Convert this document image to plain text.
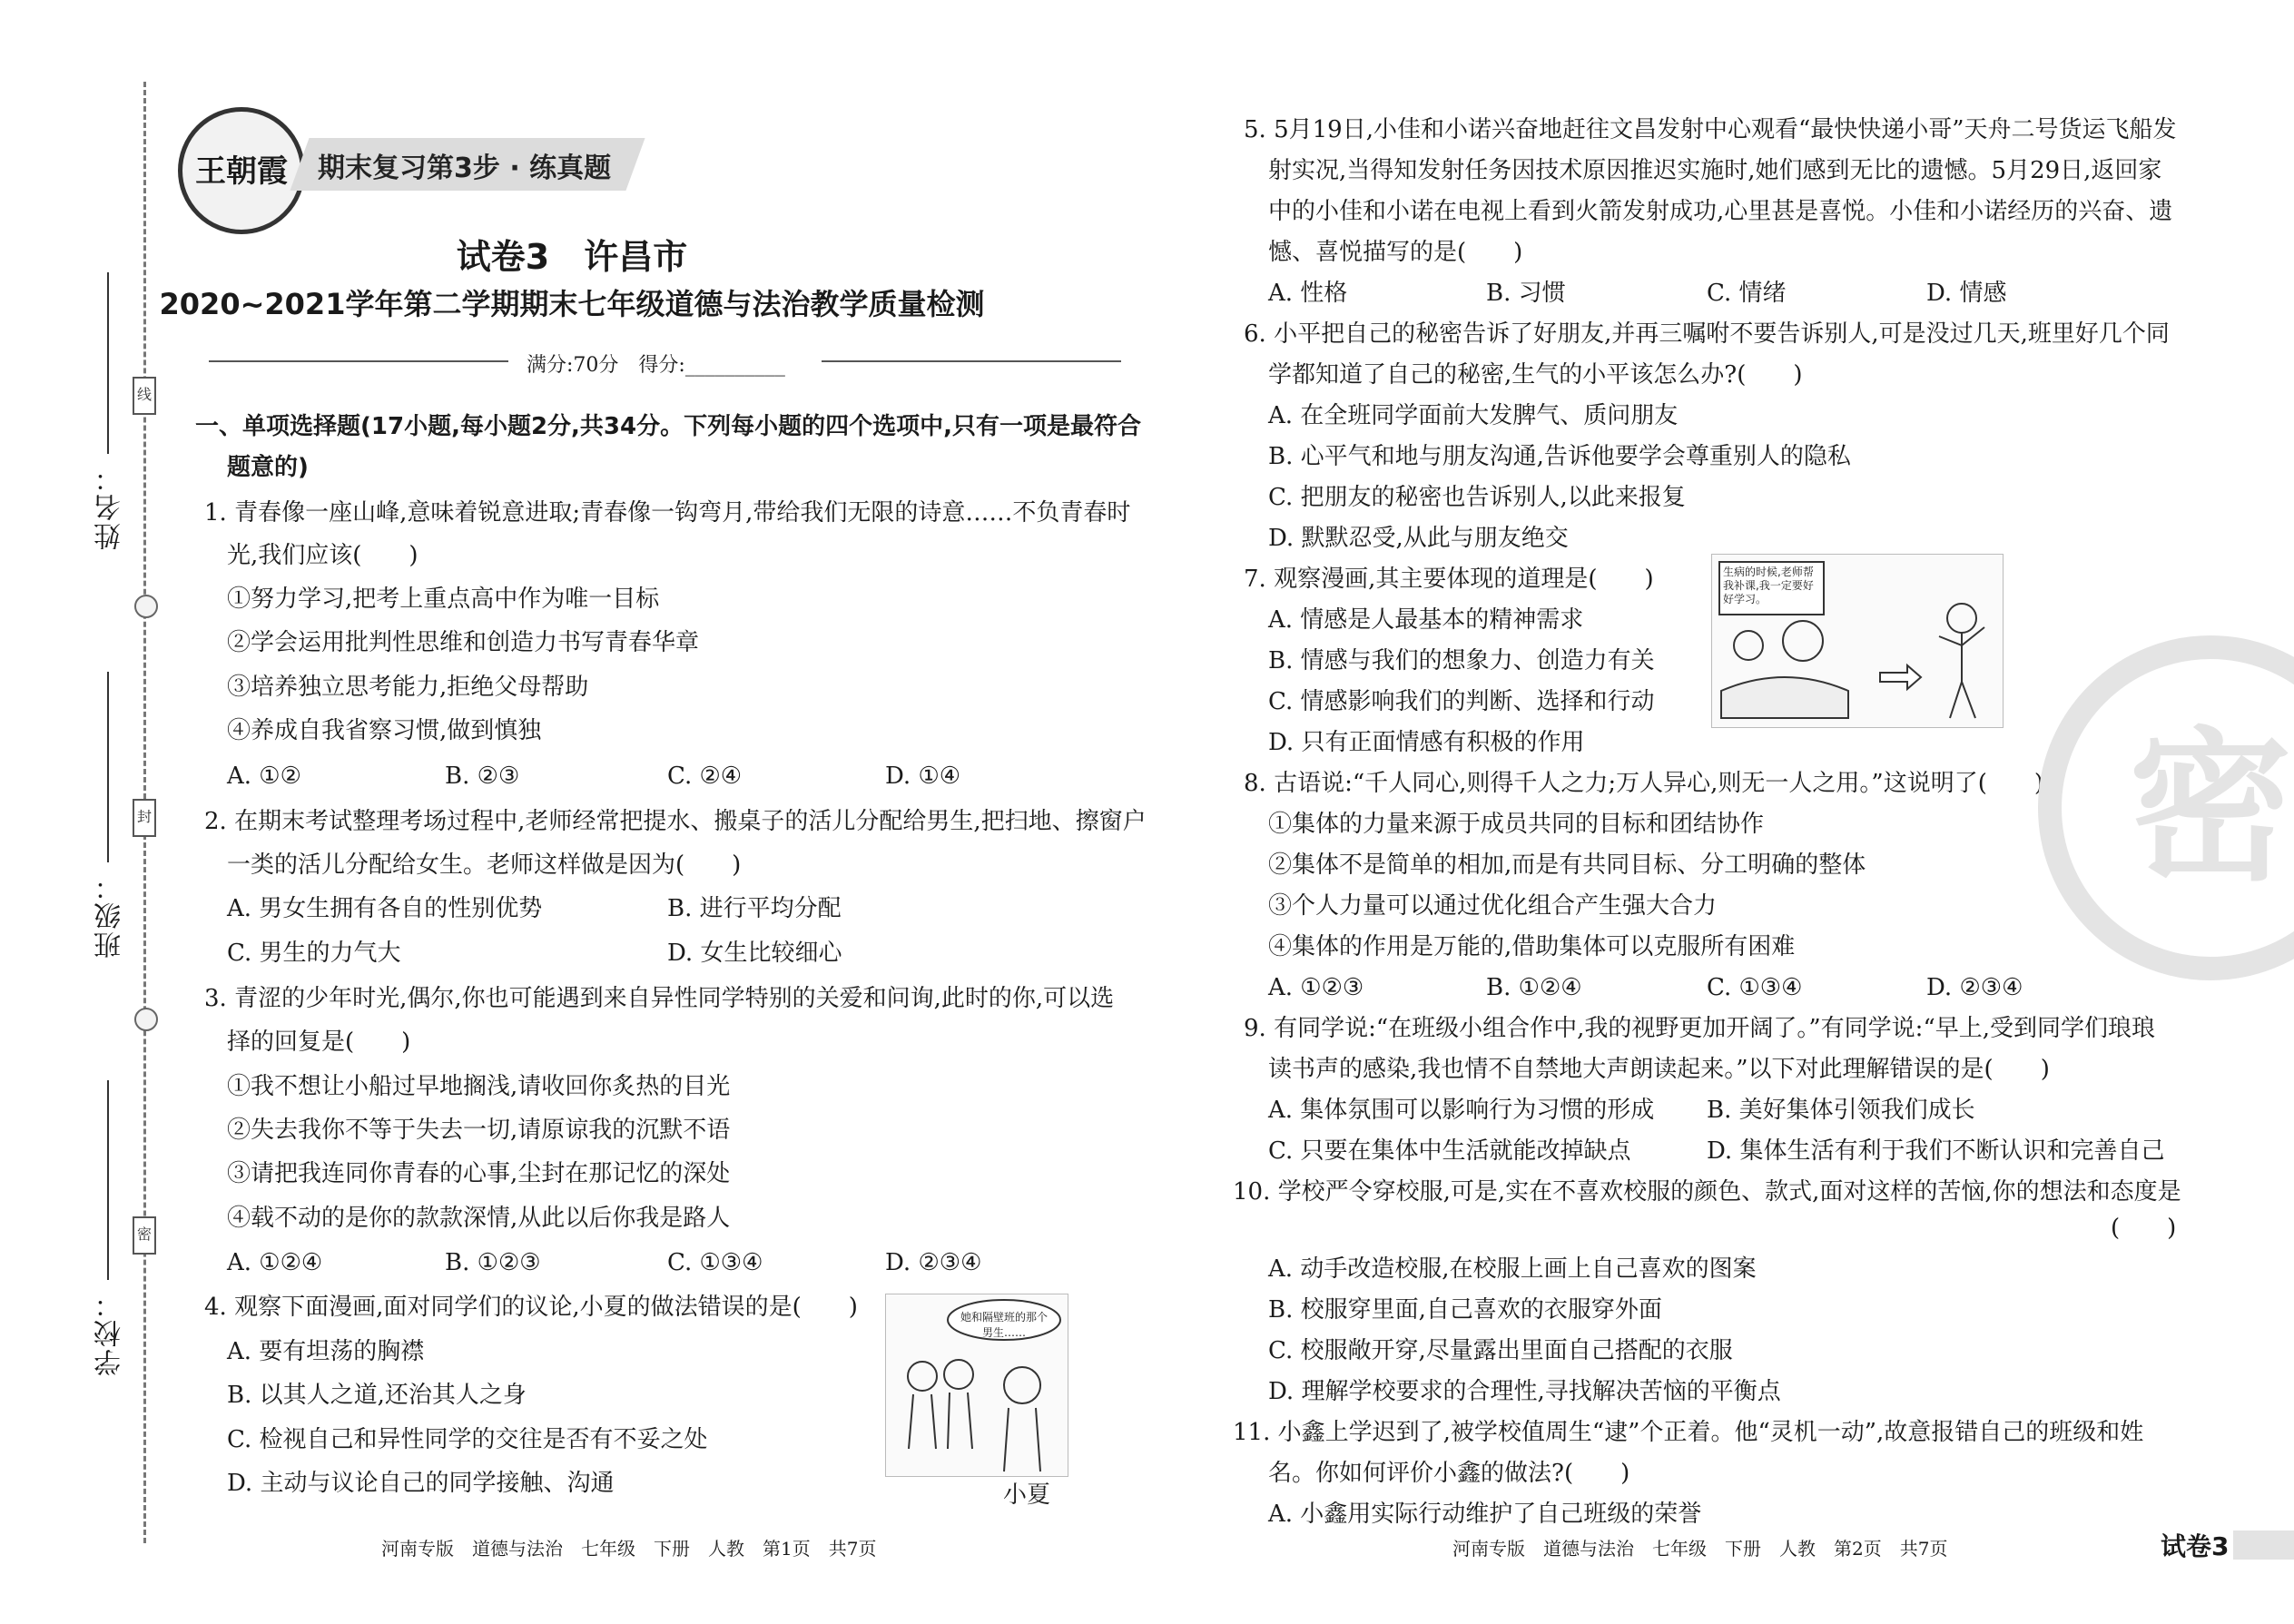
姓名：
班级：
学校：
线
封
密
王朝霞	期末复习第3步 · 练真题
试卷3　许昌市
2020~2021学年第二学期期末七年级道德与法治教学质量检测
满分:70分　得分:__________
一、单项选择题(17小题,每小题2分,共34分。下列每小题的四个选项中,只有一项是最符合
题意的)
1. 青春像一座山峰,意味着锐意进取;青春像一钩弯月,带给我们无限的诗意……不负青春时
光,我们应该(　　)
①努力学习,把考上重点高中作为唯一目标
②学会运用批判性思维和创造力书写青春华章
③培养独立思考能力,拒绝父母帮助
④养成自我省察习惯,做到慎独
A. ①②	B. ②③	C. ②④	D. ①④
2. 在期末考试整理考场过程中,老师经常把提水、搬桌子的活儿分配给男生,把扫地、擦窗户
一类的活儿分配给女生。老师这样做是因为(　　)
A. 男女生拥有各自的性别优势	B. 进行平均分配
C. 男生的力气大	D. 女生比较细心
3. 青涩的少年时光,偶尔,你也可能遇到来自异性同学特别的关爱和问询,此时的你,可以选
择的回复是(　　)
①我不想让小船过早地搁浅,请收回你炙热的目光
②失去我你不等于失去一切,请原谅我的沉默不语
③请把我连同你青春的心事,尘封在那记忆的深处
④载不动的是你的款款深情,从此以后你我是路人
A. ①②④	B. ①②③	C. ①③④	D. ②③④
4. 观察下面漫画,面对同学们的议论,小夏的做法错误的是(　　)
A. 要有坦荡的胸襟
B. 以其人之道,还治其人之身
C. 检视自己和异性同学的交往是否有不妥之处
D. 主动与议论自己的同学接触、沟通	小夏
5. 5月19日,小佳和小诺兴奋地赶往文昌发射中心观看“最快快递小哥”天舟二号货运飞船发
射实况,当得知发射任务因技术原因推迟实施时,她们感到无比的遗憾。5月29日,返回家
中的小佳和小诺在电视上看到火箭发射成功,心里甚是喜悦。小佳和小诺经历的兴奋、遗
憾、喜悦描写的是(　　)
A. 性格	B. 习惯	C. 情绪	D. 情感
6. 小平把自己的秘密告诉了好朋友,并再三嘱咐不要告诉别人,可是没过几天,班里好几个同
学都知道了自己的秘密,生气的小平该怎么办?(　　)
A. 在全班同学面前大发脾气、质问朋友
B. 心平气和地与朋友沟通,告诉他要学会尊重别人的隐私
C. 把朋友的秘密也告诉别人,以此来报复
D. 默默忍受,从此与朋友绝交
7. 观察漫画,其主要体现的道理是(　　)
A. 情感是人最基本的精神需求
B. 情感与我们的想象力、创造力有关
C. 情感影响我们的判断、选择和行动
D. 只有正面情感有积极的作用
8. 古语说:“千人同心,则得千人之力;万人异心,则无一人之用。”这说明了(　　)
①集体的力量来源于成员共同的目标和团结协作
②集体不是简单的相加,而是有共同目标、分工明确的整体
③个人力量可以通过优化组合产生强大合力
④集体的作用是万能的,借助集体可以克服所有困难
A. ①②③	B. ①②④	C. ①③④	D. ②③④
9. 有同学说:“在班级小组合作中,我的视野更加开阔了。”有同学说:“早上,受到同学们琅琅
读书声的感染,我也情不自禁地大声朗读起来。”以下对此理解错误的是(　　)
A. 集体氛围可以影响行为习惯的形成 B. 美好集体引领我们成长
C. 只要在集体中生活就能改掉缺点	D. 集体生活有利于我们不断认识和完善自己
10. 学校严令穿校服,可是,实在不喜欢校服的颜色、款式,面对这样的苦恼,你的想法和态度是
(　　)
A. 动手改造校服,在校服上画上自己喜欢的图案
B. 校服穿里面,自己喜欢的衣服穿外面
C. 校服敞开穿,尽量露出里面自己搭配的衣服
D. 理解学校要求的合理性,寻找解决苦恼的平衡点
11. 小鑫上学迟到了,被学校值周生“逮”个正着。他“灵机一动”,故意报错自己的班级和姓
名。你如何评价小鑫的做法?(　　)
A. 小鑫用实际行动维护了自己班级的荣誉
她和隔壁班的那个男生……
生病的时候,老师帮我补课,我一定要好好学习。
密
河南专版　道德与法治　七年级　下册　人教　第1页　共7页	河南专版　道德与法治　七年级　下册　人教　第2页　共7页	试卷3
